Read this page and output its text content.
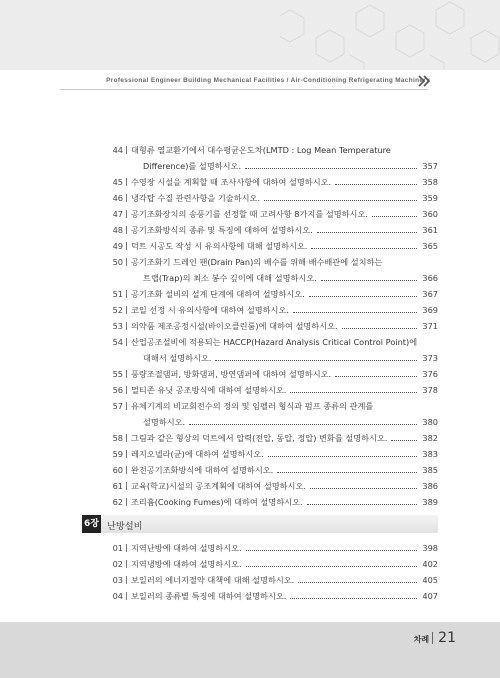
Professional Engineer Building Mechanical Facilities / Air-Conditioning Refrigerating Machinery
44 대형류 열교환기에서 대수평균온도차(LMTD : Log Mean Temperature
Difference)를 설명하시오.	357
45 수영장 시설을 계획할 때 조사사항에 대하여 설명하시오.	358
46 냉각탑 수질 관련사항을 기술하시오.	359
47 공기조화장치의 송풍기를 선정할 때 고려사항 8가지를 설명하시오.	360
48 공기조화방식의 종류 및 특징에 대하여 설명하시오.	361
49 덕트 시공도 작성 시 유의사항에 대해 설명하시오.	365
50 공기조화기 드레인 팬(Drain Pan)의 배수를 위해 배수배관에 설치하는
트랩(Trap)의 최소 봉수 깊이에 대해 설명하시오.	366
51 공기조화 설비의 설계 단계에 대하여 설명하시오.	367
52 코일 선정 시 유의사항에 대하여 설명하시오.	369
53 의약품 제조공정시설(바이오클린룸)에 대하여 설명하시오.	371
54 산업공조설비에 적용되는 HACCP(Hazard Analysis Critical Control Point)에
대해서 설명하시오.	373
55 풍량조절댐퍼, 방화댐퍼, 방연댐퍼에 대하여 설명하시오.	376
56 멀티존 유닛 공조방식에 대하여 설명하시오.	378
57 유체기계의 비교회전수의 정의 및 임펠러 형식과 펌프 종류의 관계를
설명하시오.	380
58 그림과 같은 형상의 덕트에서 압력(전압, 동압, 정압) 변화를 설명하시오.	382
59 레지오넬라(균)에 대하여 설명하시오.	383
60 완전공기조화방식에 대하여 설명하시오.	385
61 교육(학교)시설의 공조계획에 대하여 설명하시오.	386
62 조리흄(Cooking Fumes)에 대하여 설명하시오.	389
6장 난방설비
01 지역난방에 대하여 설명하시오.	398
02 지역냉방에 대하여 설명하시오.	402
03 보일러의 에너지절약 대책에 대해 설명하시오.	405
04 보일러의 종류별 특징에 대하여 설명하시오.	407
차례 21
